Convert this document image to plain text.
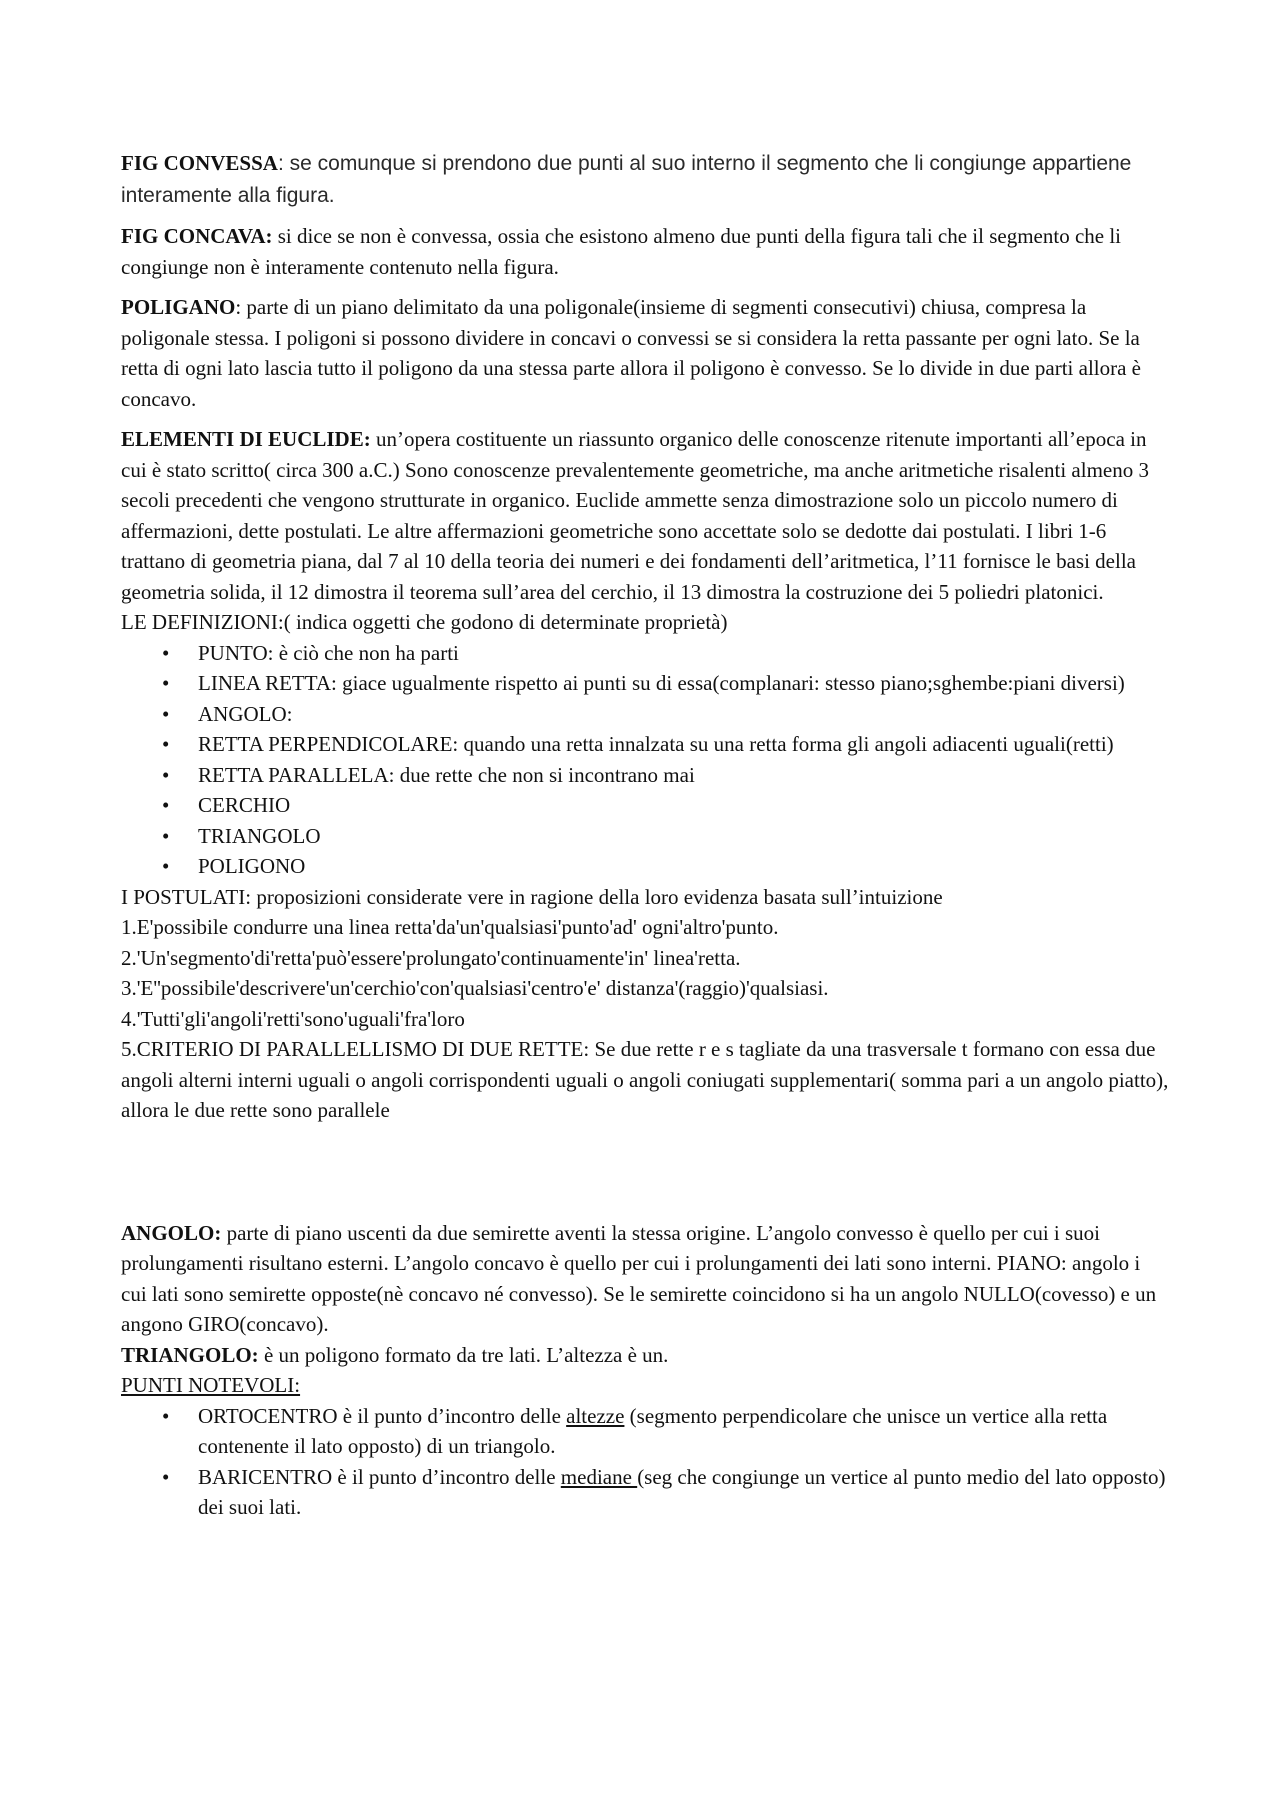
FIG CONVESSA: se comunque si prendono due punti al suo interno il segmento che li congiunge appartiene interamente alla figura.

FIG CONCAVA: si dice se non è convessa, ossia che esistono almeno due punti della figura tali che il segmento che li congiunge non è interamente contenuto nella figura.

POLIGANO: parte di un piano delimitato da una poligonale(insieme di segmenti consecutivi) chiusa, compresa la poligonale stessa. I poligoni si possono dividere in concavi o convessi se si considera la retta passante per ogni lato. Se la retta di ogni lato lascia tutto il poligono da una stessa parte allora il poligono è convesso. Se lo divide in due parti allora è concavo.

ELEMENTI DI EUCLIDE: un’opera costituente un riassunto organico delle conoscenze ritenute importanti all’epoca in cui è stato scritto( circa 300 a.C.) Sono conoscenze prevalentemente geometriche, ma anche aritmetiche risalenti almeno 3 secoli precedenti che vengono strutturate in organico. Euclide ammette senza dimostrazione solo un piccolo numero di affermazioni, dette postulati. Le altre affermazioni geometriche sono accettate solo se dedotte dai postulati. I libri 1-6 trattano di geometria piana, dal 7 al 10 della teoria dei numeri e dei fondamenti dell’aritmetica, l’11 fornisce le basi della geometria solida, il 12 dimostra il teorema sull’area del cerchio, il 13 dimostra la costruzione dei 5 poliedri platonici.

LE DEFINIZIONI:( indica oggetti che godono di determinate proprietà)

• PUNTO: è ciò che non ha parti
• LINEA RETTA: giace ugualmente rispetto ai punti su di essa(complanari: stesso piano;sghembe:piani diversi)
• ANGOLO:
• RETTA PERPENDICOLARE: quando una retta innalzata su una retta forma gli angoli adiacenti uguali(retti)
• RETTA PARALLELA: due rette che non si incontrano mai
• CERCHIO
• TRIANGOLO
• POLIGONO

I POSTULATI: proposizioni considerate vere in ragione della loro evidenza basata sull’intuizione

1.E'possibile condurre una linea retta'da'un'qualsiasi'punto'ad' ogni'altro'punto.

2.'Un'segmento'di'retta'può'essere'prolungato'continuamente'in' linea'retta.

3.'E''possibile'descrivere'un'cerchio'con'qualsiasi'centro'e' distanza'(raggio)'qualsiasi.

4.'Tutti'gli'angoli'retti'sono'uguali'fra'loro

5.CRITERIO DI PARALLELLISMO DI DUE RETTE: Se due rette r e s tagliate da una trasversale t formano con essa due angoli alterni interni uguali o angoli corrispondenti uguali o angoli coniugati supplementari( somma pari a un angolo piatto), allora le due rette sono parallele

ANGOLO: parte di piano uscenti da due semirette aventi la stessa origine. L’angolo convesso è quello per cui i suoi prolungamenti risultano esterni. L’angolo concavo è quello per cui i prolungamenti dei lati sono interni. PIANO: angolo i cui lati sono semirette opposte(nè concavo né convesso). Se le semirette coincidono si ha un angolo NULLO(covesso) e un angono GIRO(concavo).

TRIANGOLO: è un poligono formato da tre lati. L’altezza è un.

PUNTI NOTEVOLI:

• ORTOCENTRO è il punto d’incontro delle altezze (segmento perpendicolare che unisce un vertice alla retta contenente il lato opposto) di un triangolo.
• BARICENTRO è il punto d’incontro delle mediane (seg che congiunge un vertice al punto medio del lato opposto) dei suoi lati.
